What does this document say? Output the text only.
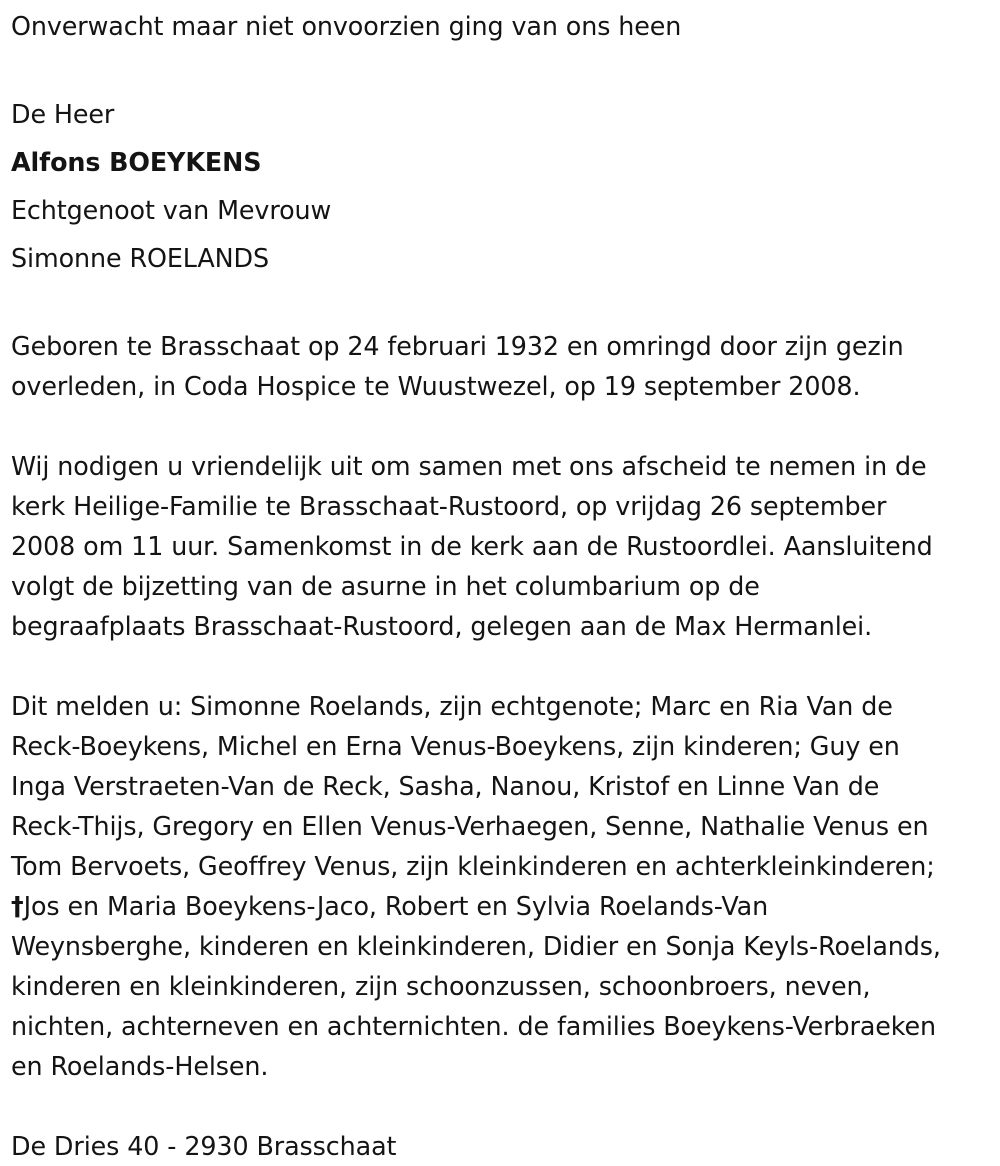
Onverwacht maar niet onvoorzien ging van ons heen
De Heer
Alfons BOEYKENS
Echtgenoot van Mevrouw
Simonne ROELANDS

Geboren te Brasschaat op 24 februari 1932 en omringd door zijn gezin
overleden, in Coda Hospice te Wuustwezel, op 19 september 2008.

Wij nodigen u vriendelijk uit om samen met ons afscheid te nemen in de
kerk Heilige-Familie te Brasschaat-Rustoord, op vrijdag 26 september
2008 om 11 uur. Samenkomst in de kerk aan de Rustoordlei. Aansluitend
volgt de bijzetting van de asurne in het columbarium op de
begraafplaats Brasschaat-Rustoord, gelegen aan de Max Hermanlei.

Dit melden u: Simonne Roelands, zijn echtgenote; Marc en Ria Van de
Reck-Boeykens, Michel en Erna Venus-Boeykens, zijn kinderen; Guy en
Inga Verstraeten-Van de Reck, Sasha, Nanou, Kristof en Linne Van de
Reck-Thijs, Gregory en Ellen Venus-Verhaegen, Senne, Nathalie Venus en
Tom Bervoets, Geoffrey Venus, zijn kleinkinderen en achterkleinkinderen;
†Jos en Maria Boeykens-Jaco, Robert en Sylvia Roelands-Van
Weynsberghe, kinderen en kleinkinderen, Didier en Sonja Keyls-Roelands,
kinderen en kleinkinderen, zijn schoonzussen, schoonbroers, neven,
nichten, achterneven en achternichten. de families Boeykens-Verbraeken
en Roelands-Helsen.

De Dries 40 - 2930 Brasschaat
